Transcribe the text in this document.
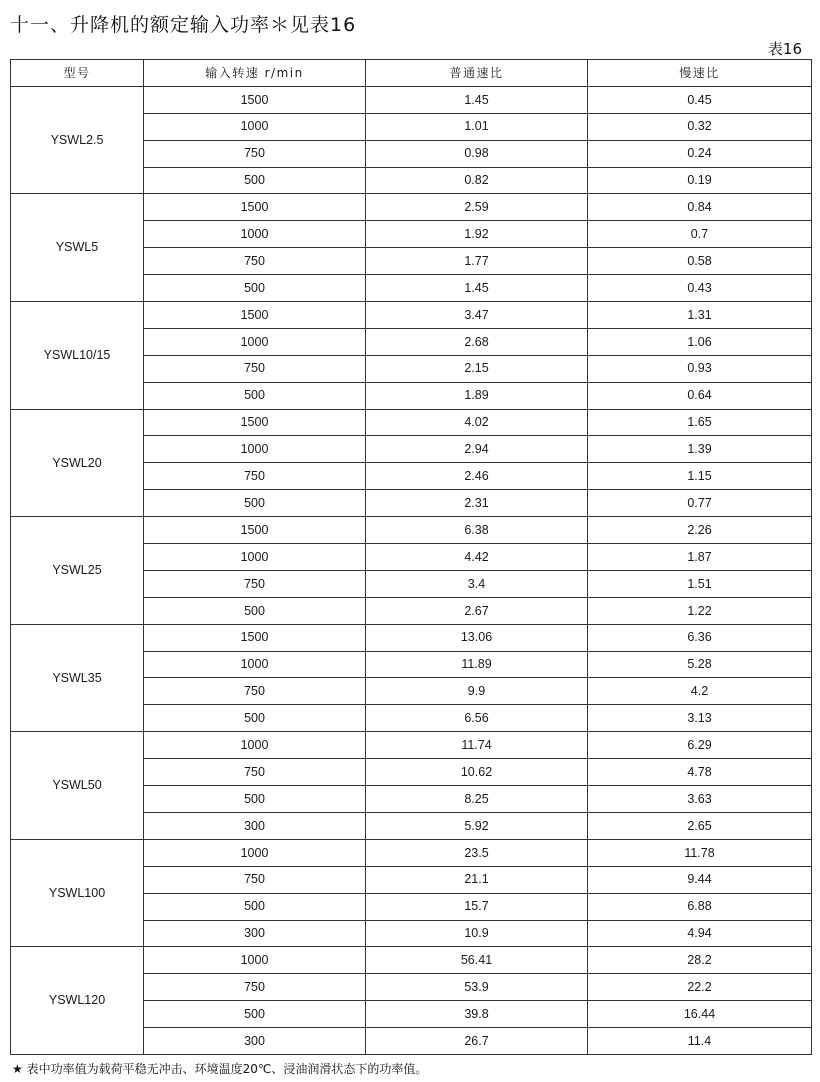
十一、升降机的额定输入功率＊见表16
表16
型号	输入转速 r/min	普通速比	慢速比
YSWL2.5	1500	1.45	0.45
	1000	1.01	0.32
	750	0.98	0.24
	500	0.82	0.19
YSWL5	1500	2.59	0.84
	1000	1.92	0.7
	750	1.77	0.58
	500	1.45	0.43
YSWL10/15	1500	3.47	1.31
	1000	2.68	1.06
	750	2.15	0.93
	500	1.89	0.64
YSWL20	1500	4.02	1.65
	1000	2.94	1.39
	750	2.46	1.15
	500	2.31	0.77
YSWL25	1500	6.38	2.26
	1000	4.42	1.87
	750	3.4	1.51
	500	2.67	1.22
YSWL35	1500	13.06	6.36
	1000	11.89	5.28
	750	9.9	4.2
	500	6.56	3.13
YSWL50	1000	11.74	6.29
	750	10.62	4.78
	500	8.25	3.63
	300	5.92	2.65
YSWL100	1000	23.5	11.78
	750	21.1	9.44
	500	15.7	6.88
	300	10.9	4.94
YSWL120	1000	56.41	28.2
	750	53.9	22.2
	500	39.8	16.44
	300	26.7	11.4
★ 表中功率值为载荷平稳无冲击、环境温度20℃、浸油润滑状态下的功率值。
